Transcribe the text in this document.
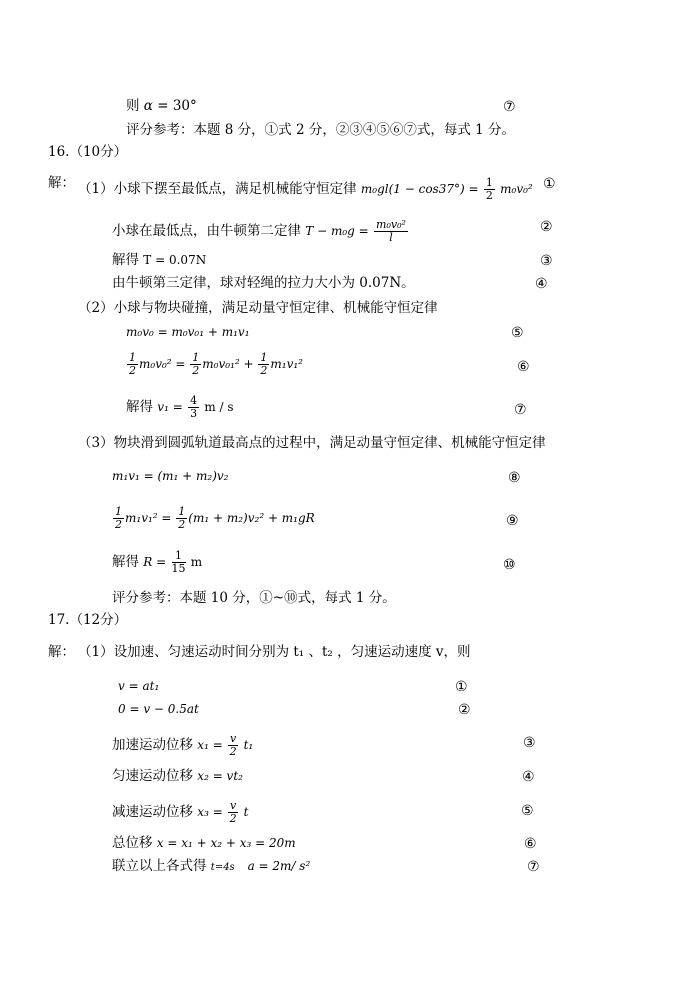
则 α = 30°	⑦
评分参考：本题 8 分，①式 2 分，②③④⑤⑥⑦式，每式 1 分。
16.（10分）
解： （1）小球下摆至最低点，满足机械能守恒定律 $m_0gl(1 - \cos 37^\circ) = \frac{1}{2} m_0v_0^2$ ①
小球在最低点，由牛顿第二定律 $T - m_0g = \frac{\text{m₀v₀²}}{l}$	②
解得 T = 0.07N	③
由牛顿第三定律，球对轻绳的拉力大小为 0.07N。	④
（2）小球与物块碰撞，满足动量守恒定律、机械能守恒定律
m₀v₀ = m₀v₀₁ + m₁v₁	⑤
$\frac{1}{2} m_0v_0^2 = \frac{1}{2} m_0v_{01}^2 + \frac{1}{2} m_1v_1^2$	⑥
解得 $v_1 = \frac{4}{3}$ m / s	⑦
（3）物块滑到圆弧轨道最高点的过程中，满足动量守恒定律、机械能守恒定律
m₁v₁ = (m₁ + m₂)v₂	⑧
$\frac{1}{2} m_1v_1^2 = \frac{1}{2} (m_1 + m_2)v_2^2 + m_1gR$	⑨
解得 $R = \frac{1}{15}$ m	⑩
评分参考：本题 10 分，①~⑩式，每式 1 分。
17.（12分）
解： （1）设加速、匀速运动时间分别为 t₁ 、t₂ ，匀速运动速度 v，则
v = at₁	①
0 = v − 0.5at	②
加速运动位移 $x_1 = \frac{v}{2} t_1$	③
匀速运动位移 x₂ = vt₂	④
减速运动位移 $x_3 = \frac{v}{2}$ t	⑤
总位移 x = x₁ + x₂ + x₃ = 20m	⑥
联立以上各式得 t=4s a = 2m/ s²	⑦
